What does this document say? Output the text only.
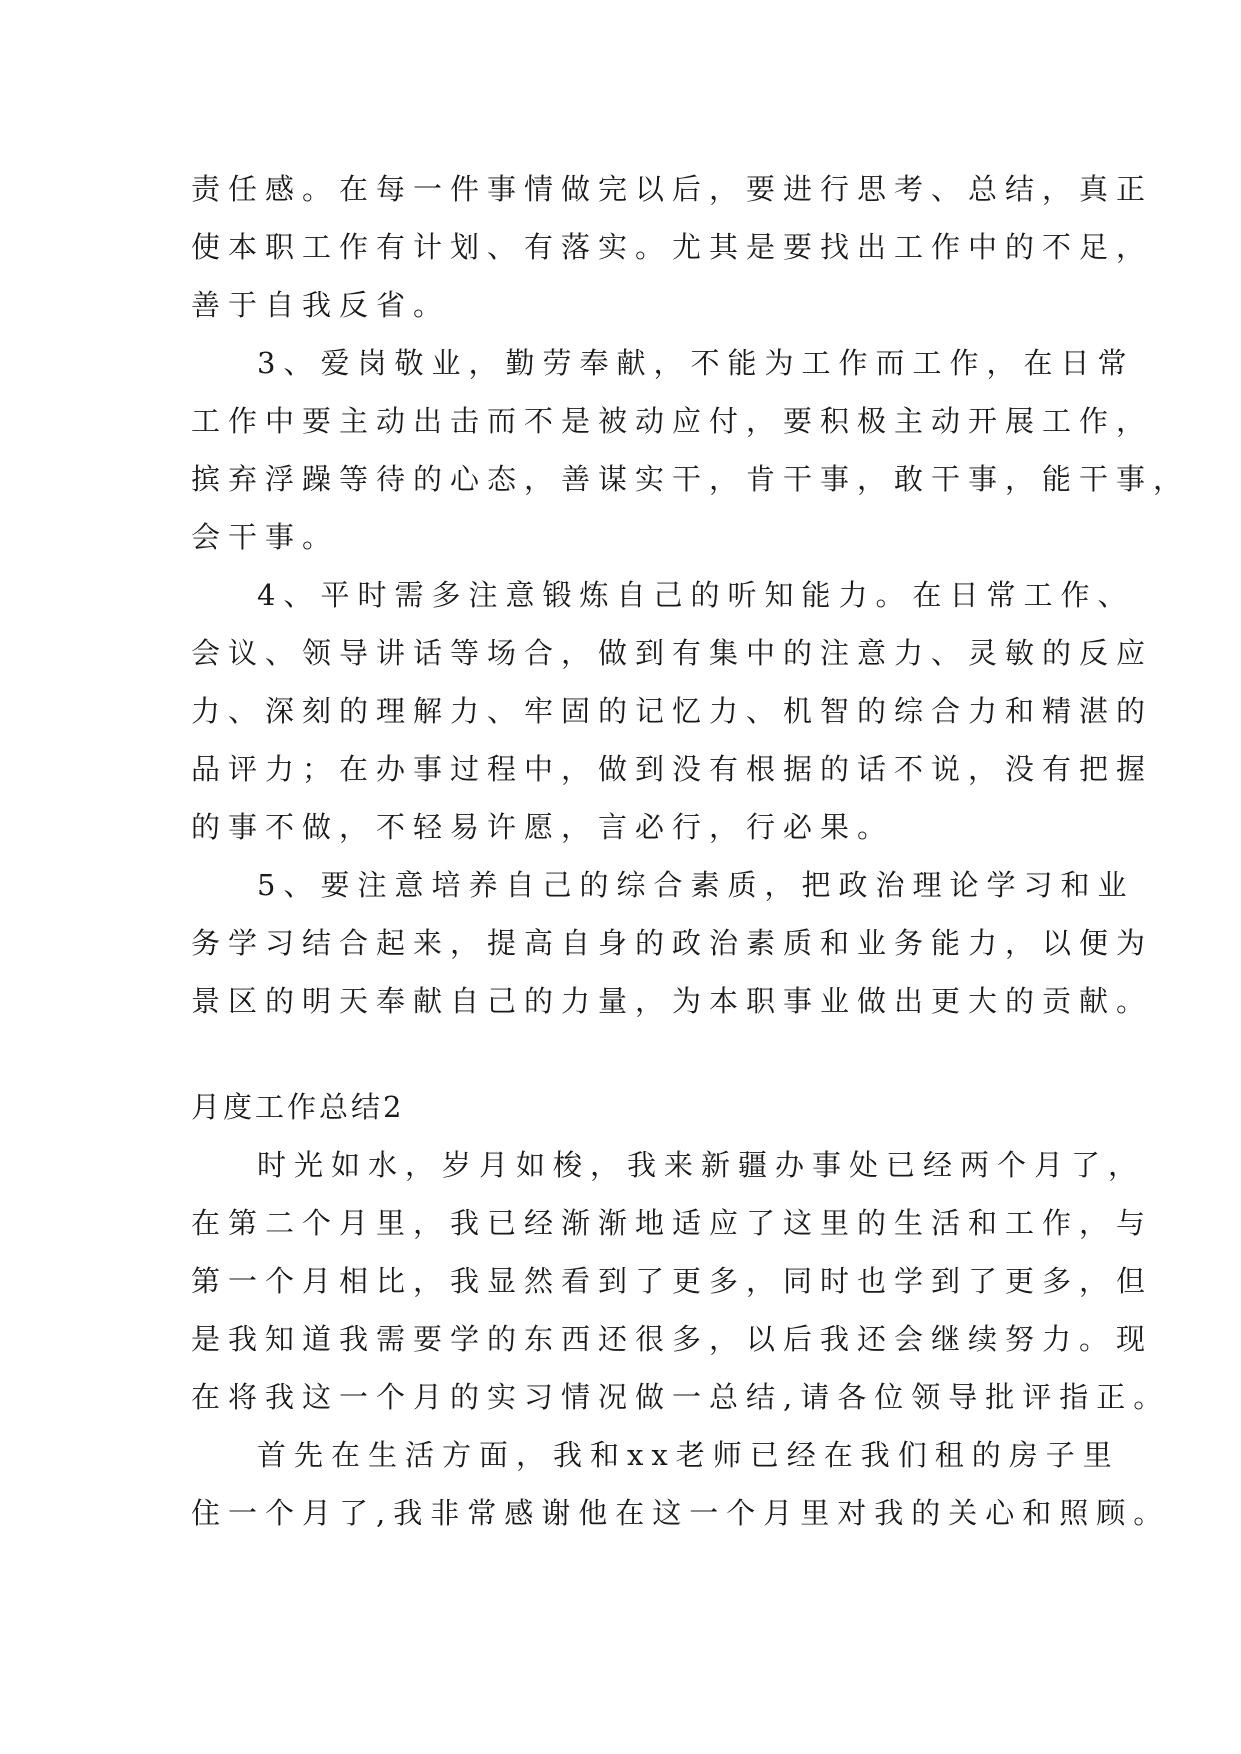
责任感。在每一件事情做完以后，要进行思考、总结，真正
使本职工作有计划、有落实。尤其是要找出工作中的不足，
善于自我反省。
3、爱岗敬业，勤劳奉献，不能为工作而工作，在日常
工作中要主动出击而不是被动应付，要积极主动开展工作，
摈弃浮躁等待的心态，善谋实干，肯干事，敢干事，能干事，
会干事。
4、平时需多注意锻炼自己的听知能力。在日常工作、
会议、领导讲话等场合，做到有集中的注意力、灵敏的反应
力、深刻的理解力、牢固的记忆力、机智的综合力和精湛的
品评力；在办事过程中，做到没有根据的话不说，没有把握
的事不做，不轻易许愿，言必行，行必果。
5、要注意培养自己的综合素质，把政治理论学习和业
务学习结合起来，提高自身的政治素质和业务能力，以便为
景区的明天奉献自己的力量，为本职事业做出更大的贡献。
月度工作总结2
时光如水，岁月如梭，我来新疆办事处已经两个月了，
在第二个月里，我已经渐渐地适应了这里的生活和工作，与
第一个月相比，我显然看到了更多，同时也学到了更多，但
是我知道我需要学的东西还很多，以后我还会继续努力。现
在将我这一个月的实习情况做一总结,请各位领导批评指正。
首先在生活方面，我和xx老师已经在我们租的房子里
住一个月了,我非常感谢他在这一个月里对我的关心和照顾。
